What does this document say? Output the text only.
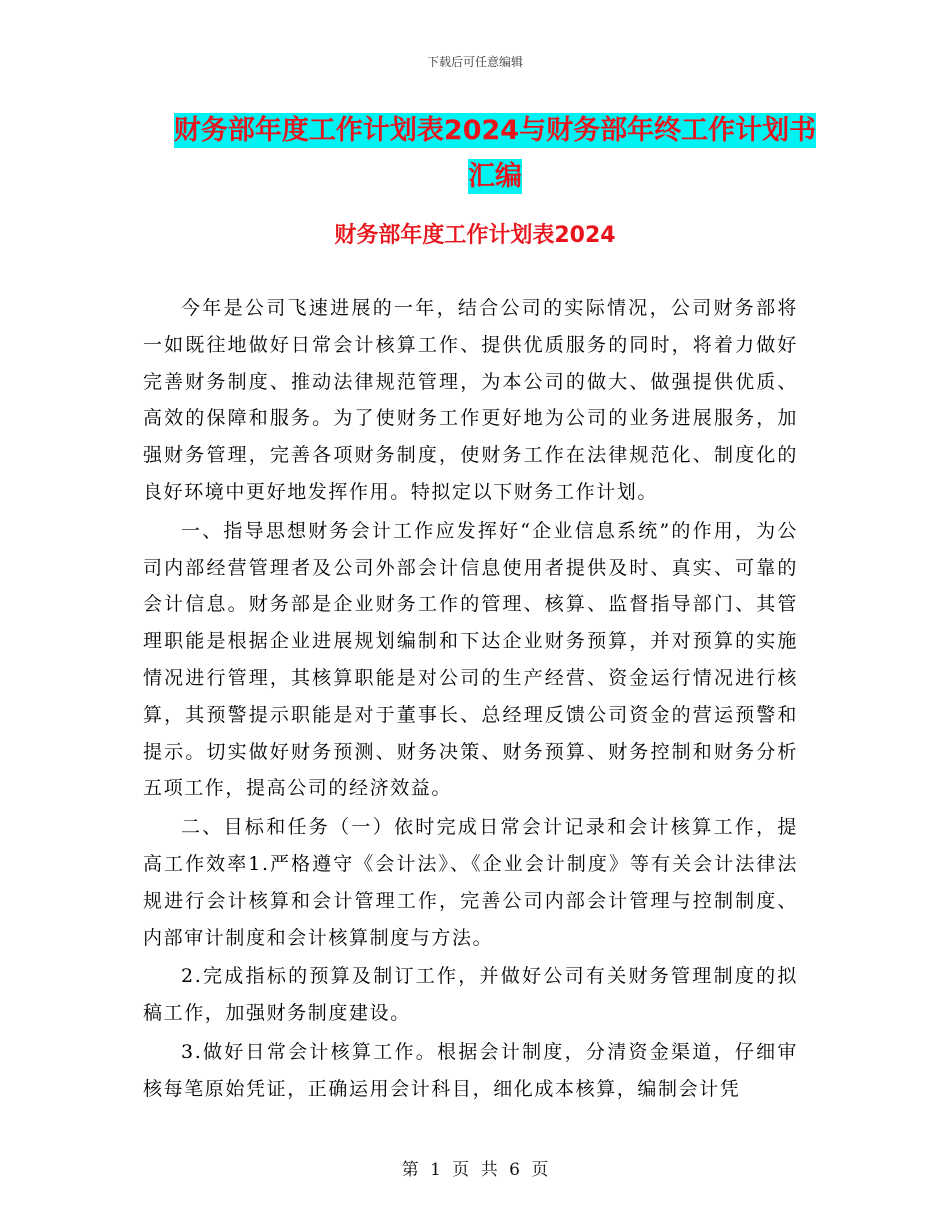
下载后可任意编辑
财务部年度工作计划表2024与财务部年终工作计划书
汇编
财务部年度工作计划表2024

今年是公司飞速进展的一年，结合公司的实际情况，公司财务部将一如既往地做好日常会计核算工作、提供优质服务的同时，将着力做好完善财务制度、推动法律规范管理，为本公司的做大、做强提供优质、高效的保障和服务。为了使财务工作更好地为公司的业务进展服务，加强财务管理，完善各项财务制度，使财务工作在法律规范化、制度化的良好环境中更好地发挥作用。特拟定以下财务工作计划。

一、指导思想财务会计工作应发挥好“企业信息系统”的作用，为公司内部经营管理者及公司外部会计信息使用者提供及时、真实、可靠的会计信息。财务部是企业财务工作的管理、核算、监督指导部门、其管理职能是根据企业进展规划编制和下达企业财务预算，并对预算的实施情况进行管理，其核算职能是对公司的生产经营、资金运行情况进行核算，其预警提示职能是对于董事长、总经理反馈公司资金的营运预警和提示。切实做好财务预测、财务决策、财务预算、财务控制和财务分析五项工作，提高公司的经济效益。

二、目标和任务（一）依时完成日常会计记录和会计核算工作，提高工作效率1.严格遵守《会计法》、《企业会计制度》等有关会计法律法规进行会计核算和会计管理工作，完善公司内部会计管理与控制制度、内部审计制度和会计核算制度与方法。

2.完成指标的预算及制订工作，并做好公司有关财务管理制度的拟稿工作，加强财务制度建设。

3.做好日常会计核算工作。根据会计制度，分清资金渠道，仔细审核每笔原始凭证，正确运用会计科目，细化成本核算，编制会计凭

第 1 页 共 6 页
